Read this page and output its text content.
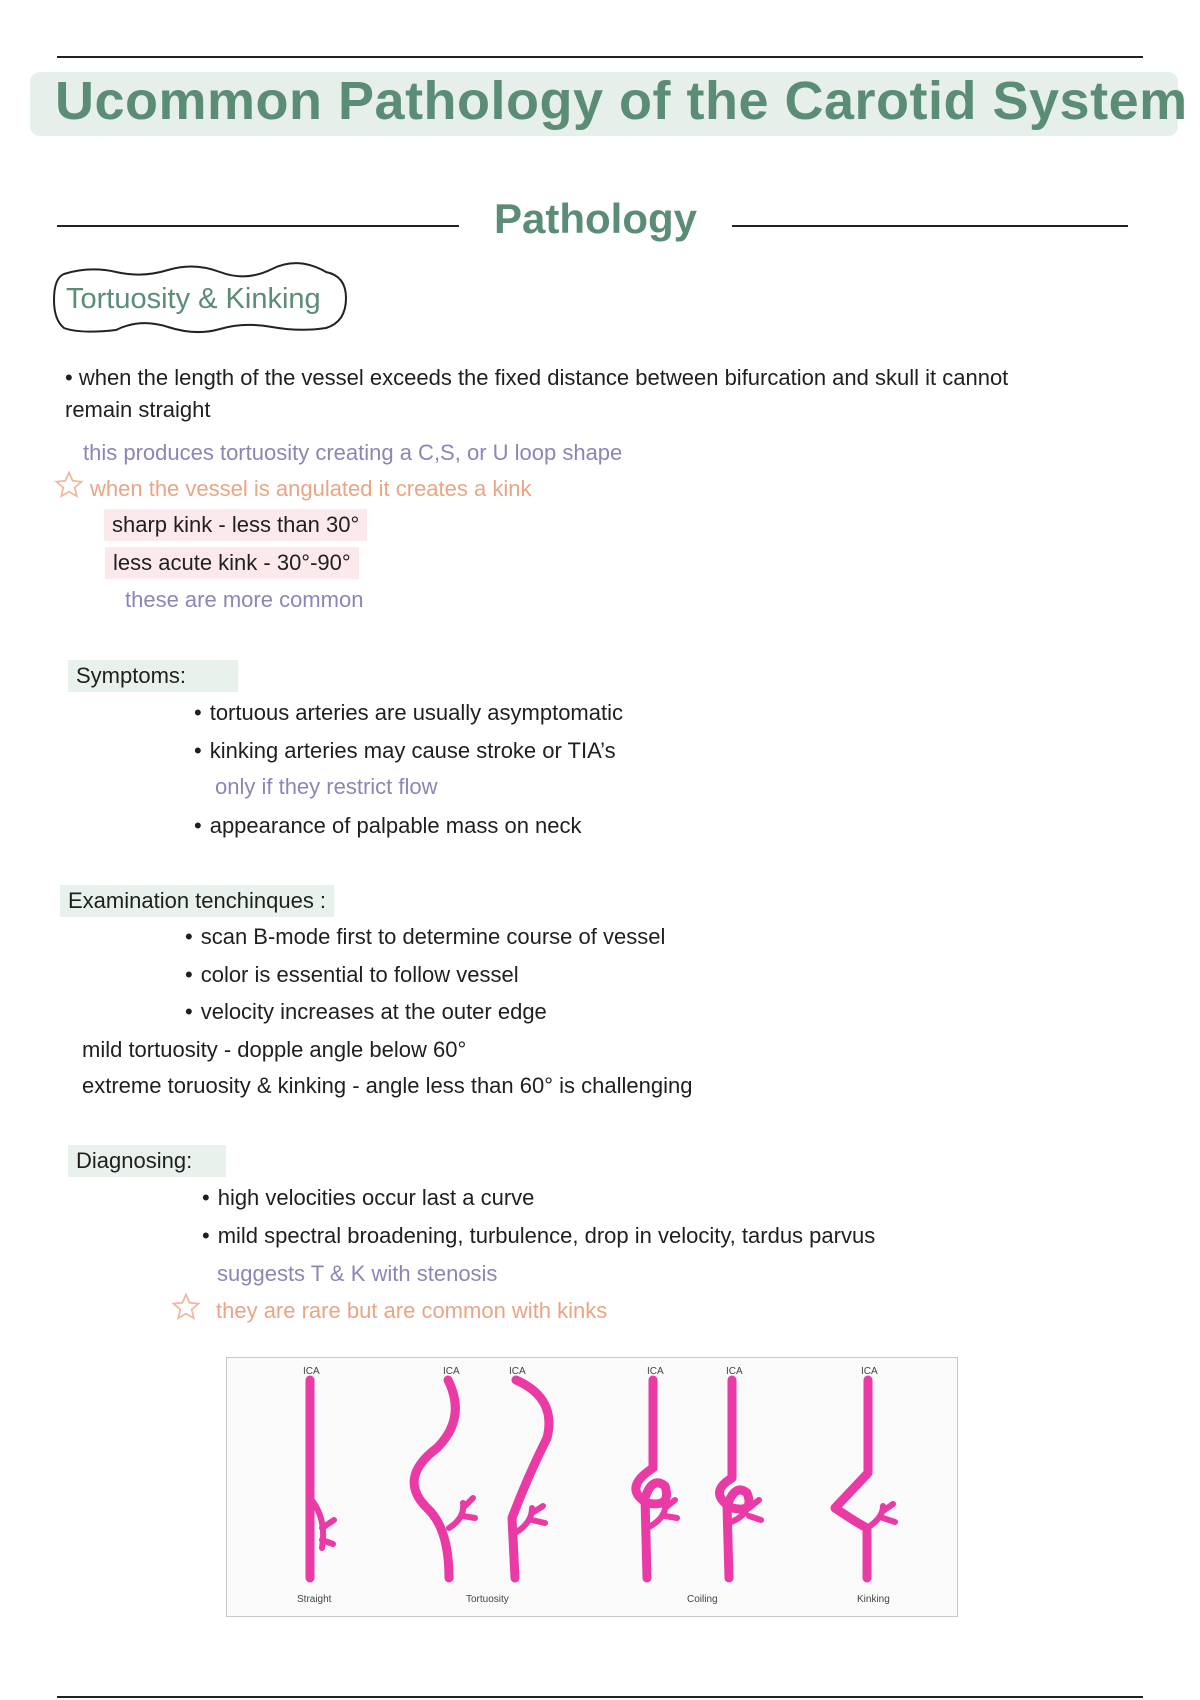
Ucommon Pathology of the Carotid System
Pathology
Tortuosity & Kinking
• when the length of the vessel exceeds the fixed distance between bifurcation and skull it cannot
remain straight
this produces tortuosity creating a C,S, or U loop shape
when the vessel is angulated it creates a kink
sharp kink - less than 30°
less acute kink - 30°-90°
these are more common
Symptoms:
• tortuous arteries are usually asymptomatic
• kinking arteries may cause stroke or TIA’s
only if they restrict flow
• appearance of palpable mass on neck
Examination tenchinques :
• scan B-mode first to determine course of vessel
• color is essential to follow vessel
• velocity increases at the outer edge
mild tortuosity - dopple angle below 60°
extreme toruosity & kinking - angle less than 60° is challenging
Diagnosing:
• high velocities occur last a curve
• mild spectral broadening, turbulence, drop in velocity, tardus parvus
suggests T & K with stenosis
they are rare but are common with kinks
ICA	ICA	ICA	ICA	ICA	ICA
Straight	Tortuosity	Coiling	Kinking
